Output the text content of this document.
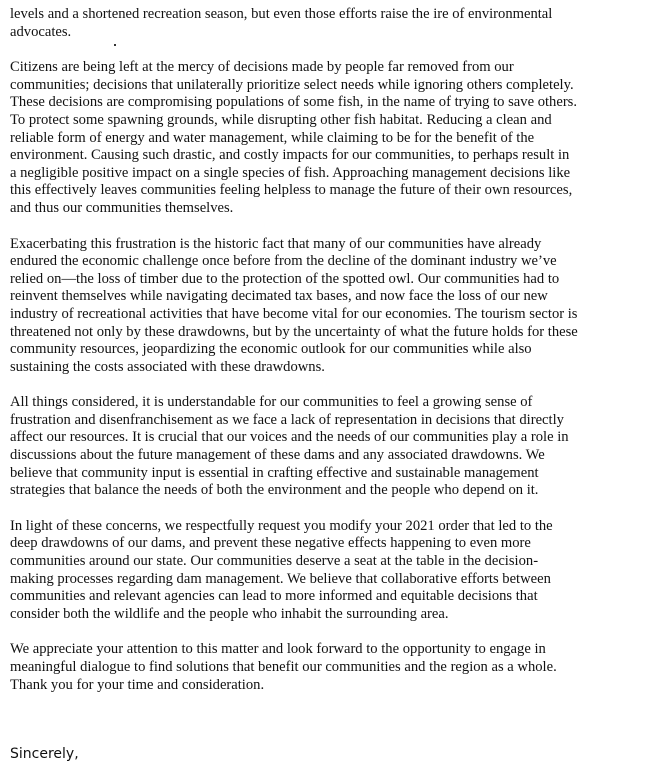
levels and a shortened recreation season, but even those efforts raise the ire of environmental
advocates.
Citizens are being left at the mercy of decisions made by people far removed from our
communities; decisions that unilaterally prioritize select needs while ignoring others completely.
These decisions are compromising populations of some fish, in the name of trying to save others.
To protect some spawning grounds, while disrupting other fish habitat. Reducing a clean and
reliable form of energy and water management, while claiming to be for the benefit of the
environment. Causing such drastic, and costly impacts for our communities, to perhaps result in
a negligible positive impact on a single species of fish. Approaching management decisions like
this effectively leaves communities feeling helpless to manage the future of their own resources,
and thus our communities themselves.
Exacerbating this frustration is the historic fact that many of our communities have already
endured the economic challenge once before from the decline of the dominant industry we’ve
relied on—the loss of timber due to the protection of the spotted owl. Our communities had to
reinvent themselves while navigating decimated tax bases, and now face the loss of our new
industry of recreational activities that have become vital for our economies. The tourism sector is
threatened not only by these drawdowns, but by the uncertainty of what the future holds for these
community resources, jeopardizing the economic outlook for our communities while also
sustaining the costs associated with these drawdowns.
All things considered, it is understandable for our communities to feel a growing sense of
frustration and disenfranchisement as we face a lack of representation in decisions that directly
affect our resources. It is crucial that our voices and the needs of our communities play a role in
discussions about the future management of these dams and any associated drawdowns. We
believe that community input is essential in crafting effective and sustainable management
strategies that balance the needs of both the environment and the people who depend on it.
In light of these concerns, we respectfully request you modify your 2021 order that led to the
deep drawdowns of our dams, and prevent these negative effects happening to even more
communities around our state. Our communities deserve a seat at the table in the decision-
making processes regarding dam management. We believe that collaborative efforts between
communities and relevant agencies can lead to more informed and equitable decisions that
consider both the wildlife and the people who inhabit the surrounding area.
We appreciate your attention to this matter and look forward to the opportunity to engage in
meaningful dialogue to find solutions that benefit our communities and the region as a whole.
Thank you for your time and consideration.
Sincerely,
